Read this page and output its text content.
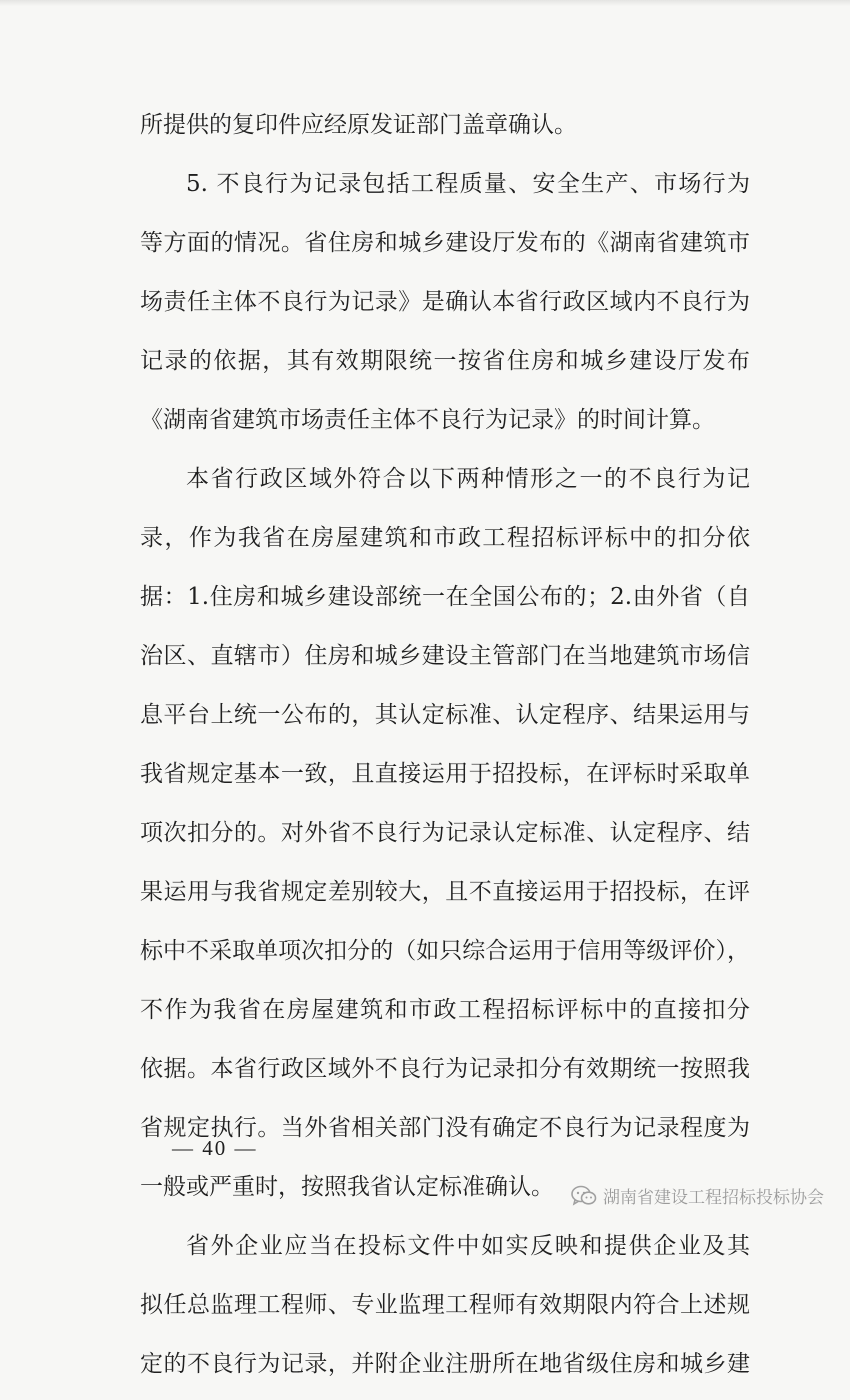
所提供的复印件应经原发证部门盖章确认。
5. 不良行为记录包括工程质量、安全生产、市场行为
等方面的情况。省住房和城乡建设厅发布的《湖南省建筑市
场责任主体不良行为记录》是确认本省行政区域内不良行为
记录的依据，其有效期限统一按省住房和城乡建设厅发布
《湖南省建筑市场责任主体不良行为记录》的时间计算。
本省行政区域外符合以下两种情形之一的不良行为记
录，作为我省在房屋建筑和市政工程招标评标中的扣分依
据：1.住房和城乡建设部统一在全国公布的；2.由外省（自
治区、直辖市）住房和城乡建设主管部门在当地建筑市场信
息平台上统一公布的，其认定标准、认定程序、结果运用与
我省规定基本一致，且直接运用于招投标，在评标时采取单
项次扣分的。对外省不良行为记录认定标准、认定程序、结
果运用与我省规定差别较大，且不直接运用于招投标，在评
标中不采取单项次扣分的（如只综合运用于信用等级评价），
不作为我省在房屋建筑和市政工程招标评标中的直接扣分
依据。本省行政区域外不良行为记录扣分有效期统一按照我
省规定执行。当外省相关部门没有确定不良行为记录程度为
一般或严重时，按照我省认定标准确认。
省外企业应当在投标文件中如实反映和提供企业及其
拟任总监理工程师、专业监理工程师有效期限内符合上述规
定的不良行为记录，并附企业注册所在地省级住房和城乡建
— 40 —
湖南省建设工程招标投标协会
